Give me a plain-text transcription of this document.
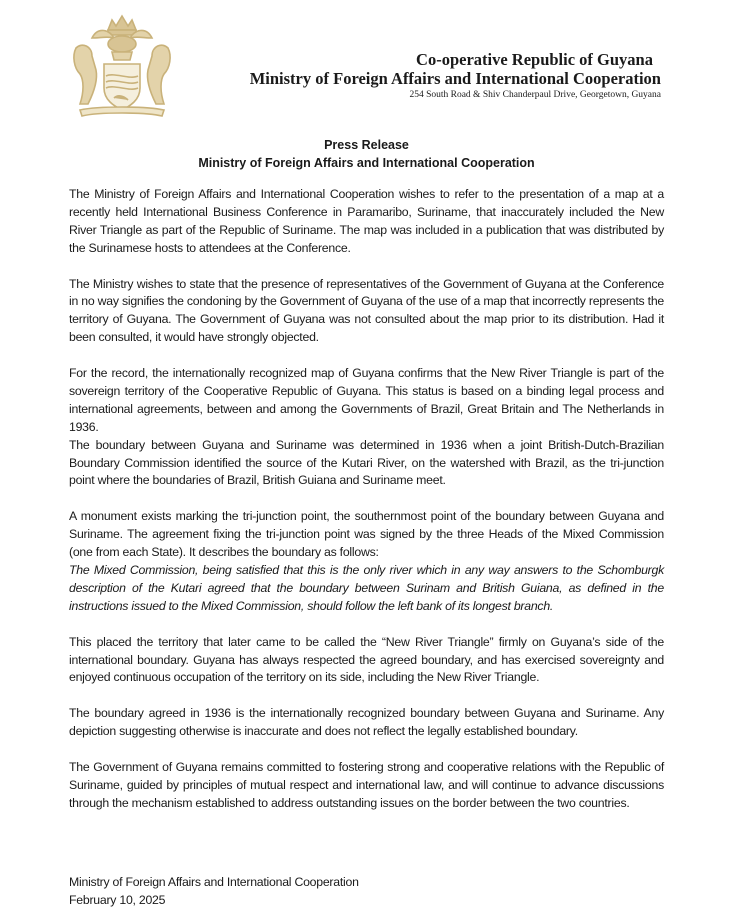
Co-operative Republic of Guyana
Ministry of Foreign Affairs and International Cooperation
254 South Road & Shiv Chanderpaul Drive, Georgetown, Guyana
Press Release
Ministry of Foreign Affairs and International Cooperation

The Ministry of Foreign Affairs and International Cooperation wishes to refer to the presentation of a map at a recently held International Business Conference in Paramaribo, Suriname, that inaccurately included the New River Triangle as part of the Republic of Suriname. The map was included in a publication that was distributed by the Surinamese hosts to attendees at the Conference.

The Ministry wishes to state that the presence of representatives of the Government of Guyana at the Conference in no way signifies the condoning by the Government of Guyana of the use of a map that incorrectly represents the territory of Guyana. The Government of Guyana was not consulted about the map prior to its distribution. Had it been consulted, it would have strongly objected.

For the record, the internationally recognized map of Guyana confirms that the New River Triangle is part of the sovereign territory of the Cooperative Republic of Guyana. This status is based on a binding legal process and international agreements, between and among the Governments of Brazil, Great Britain and The Netherlands in 1936.

The boundary between Guyana and Suriname was determined in 1936 when a joint British-Dutch-Brazilian Boundary Commission identified the source of the Kutari River, on the watershed with Brazil, as the tri-junction point where the boundaries of Brazil, British Guiana and Suriname meet.

A monument exists marking the tri-junction point, the southernmost point of the boundary between Guyana and Suriname. The agreement fixing the tri-junction point was signed by the three Heads of the Mixed Commission (one from each State). It describes the boundary as follows:

The Mixed Commission, being satisfied that this is the only river which in any way answers to the Schomburgk description of the Kutari agreed that the boundary between Surinam and British Guiana, as defined in the instructions issued to the Mixed Commission, should follow the left bank of its longest branch.

This placed the territory that later came to be called the “New River Triangle” firmly on Guyana’s side of the international boundary. Guyana has always respected the agreed boundary, and has exercised sovereignty and enjoyed continuous occupation of the territory on its side, including the New River Triangle.

The boundary agreed in 1936 is the internationally recognized boundary between Guyana and Suriname. Any depiction suggesting otherwise is inaccurate and does not reflect the legally established boundary.

The Government of Guyana remains committed to fostering strong and cooperative relations with the Republic of Suriname, guided by principles of mutual respect and international law, and will continue to advance discussions through the mechanism established to address outstanding issues on the border between the two countries.

Ministry of Foreign Affairs and International Cooperation
February 10, 2025
